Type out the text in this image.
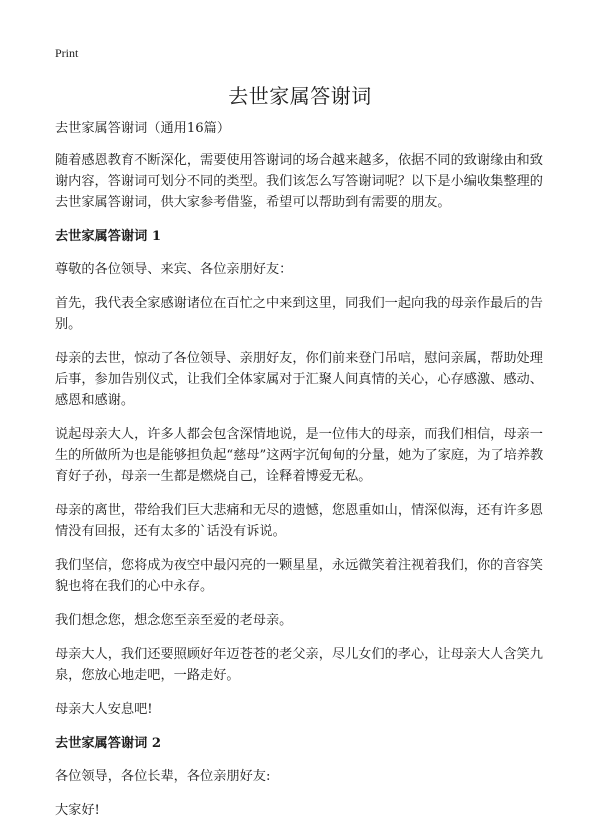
Print
去世家属答谢词

去世家属答谢词（通用16篇）

随着感恩教育不断深化，需要使用答谢词的场合越来越多，依据不同的致谢缘由和致谢内容，答谢词可划分不同的类型。我们该怎么写答谢词呢？以下是小编收集整理的去世家属答谢词，供大家参考借鉴，希望可以帮助到有需要的朋友。

去世家属答谢词 1

尊敬的各位领导、来宾、各位亲朋好友：

首先，我代表全家感谢诸位在百忙之中来到这里，同我们一起向我的母亲作最后的告别。

母亲的去世，惊动了各位领导、亲朋好友，你们前来登门吊唁，慰问亲属，帮助处理后事，参加告别仪式，让我们全体家属对于汇聚人间真情的关心，心存感激、感动、感恩和感谢。

说起母亲大人，许多人都会包含深情地说，是一位伟大的母亲，而我们相信，母亲一生的所做所为也是能够担负起“慈母”这两字沉甸甸的分量，她为了家庭，为了培养教育好子孙，母亲一生都是燃烧自己，诠释着博爱无私。

母亲的离世，带给我们巨大悲痛和无尽的遗憾，您恩重如山，情深似海，还有许多恩情没有回报，还有太多的`话没有诉说。

我们坚信，您将成为夜空中最闪亮的一颗星星，永远微笑着注视着我们，你的音容笑貌也将在我们的心中永存。

我们想念您，想念您至亲至爱的老母亲。

母亲大人，我们还要照顾好年迈苍苍的老父亲，尽儿女们的孝心，让母亲大人含笑九泉，您放心地走吧，一路走好。

母亲大人安息吧!

去世家属答谢词 2

各位领导，各位长辈，各位亲朋好友:

大家好!
